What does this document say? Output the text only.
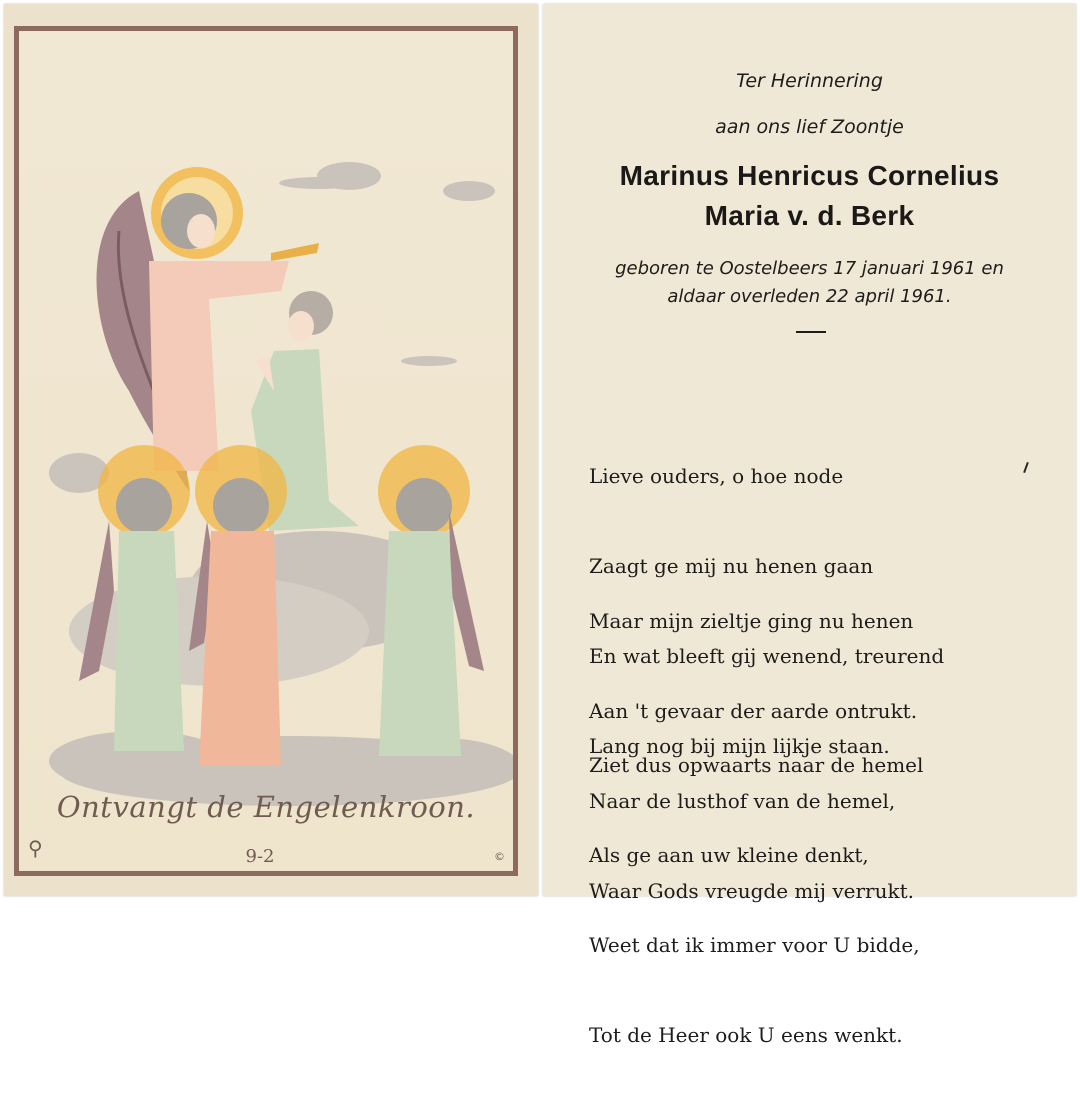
Ontvangt de Engelenkroon.
9-2
⚲	©
Ter Herinnering
aan ons lief Zoontje
Marinus Henricus Cornelius
Maria v. d. Berk
geboren te Oostelbeers 17 januari 1961 en
aldaar overleden 22 april 1961.

Lieve ouders, o hoe node

Zaagt ge mij nu henen gaan

En wat bleeft gij wenend, treurend

Lang nog bij mijn lijkje staan.

Maar mijn zieltje ging nu henen

Aan 't gevaar der aarde ontrukt.

Naar de lusthof van de hemel,

Waar Gods vreugde mij verrukt.

Ziet dus opwaarts naar de hemel

Als ge aan uw kleine denkt,

Weet dat ik immer voor U bidde,

Tot de Heer ook U eens wenkt.
